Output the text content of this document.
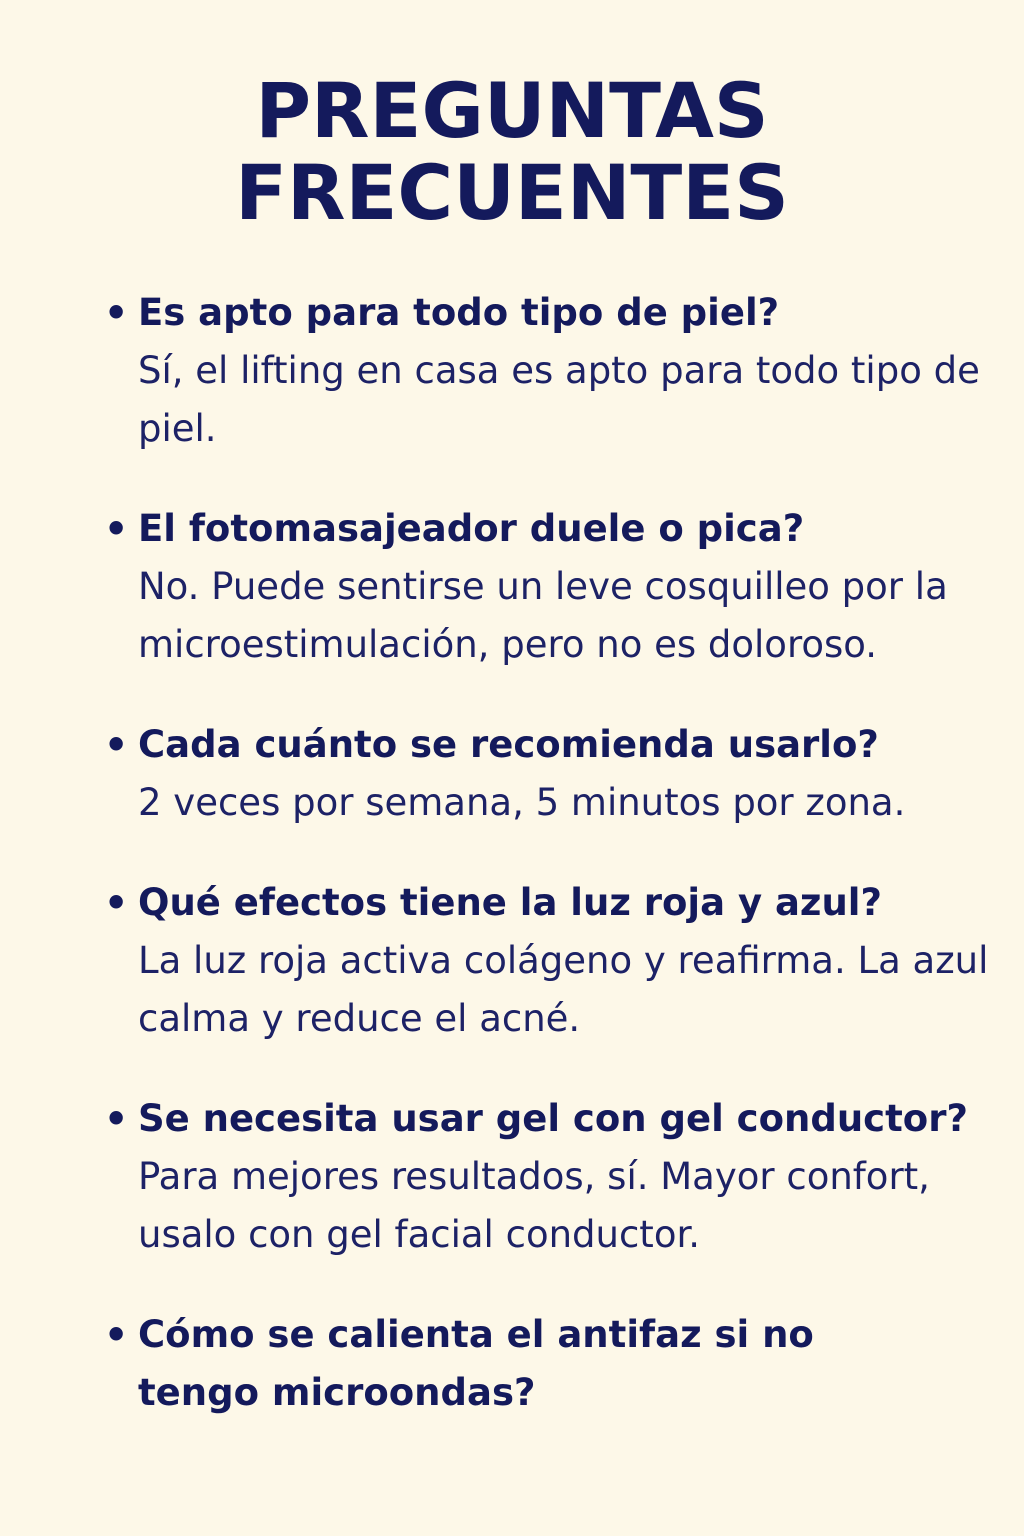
PREGUNTAS
FRECUENTES
• Es apto para todo tipo de piel?
Sí, el lifting en casa es apto para todo tipo de piel.
• El fotomasajeador duele o pica?
No. Puede sentirse un leve cosquilleo por la microestimulación, pero no es doloroso.
• Cada cuánto se recomienda usarlo?
2 veces por semana, 5 minutos por zona.
• Qué efectos tiene la luz roja y azul?
La luz roja activa colágeno y reafirma. La azul calma y reduce el acné.
• Se necesita usar gel con gel conductor?
Para mejores resultados, sí. Mayor confort, usalo con gel facial conductor.
• Cómo se calienta el antifaz si no tengo microondas?
